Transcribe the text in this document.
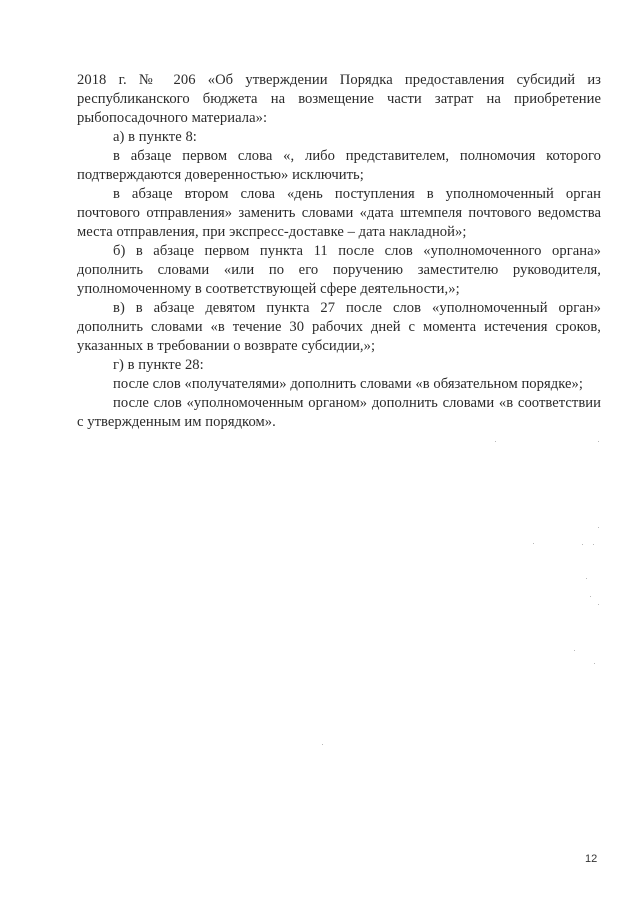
2018 г. № 206 «Об утверждении Порядка предоставления субсидий из республиканского бюджета на возмещение части затрат на приобретение рыбопосадочного материала»:

а) в пункте 8:

в абзаце первом слова «, либо представителем, полномочия которого подтверждаются доверенностью» исключить;

в абзаце втором слова «день поступления в уполномоченный орган почтового отправления» заменить словами «дата штемпеля почтового ведомства места отправления, при экспресс-доставке – дата накладной»;

б) в абзаце первом пункта 11 после слов «уполномоченного органа» дополнить словами «или по его поручению заместителю руководителя, уполномоченному в соответствующей сфере деятельности,»;

в) в абзаце девятом пункта 27 после слов «уполномоченный орган» дополнить словами «в течение 30 рабочих дней с момента истечения сроков, указанных в требовании о возврате субсидии,»;

г) в пункте 28:

после слов «получателями» дополнить словами «в обязательном порядке»;

после слов «уполномоченным органом» дополнить словами «в соответствии с утвержденным им порядком».

12
